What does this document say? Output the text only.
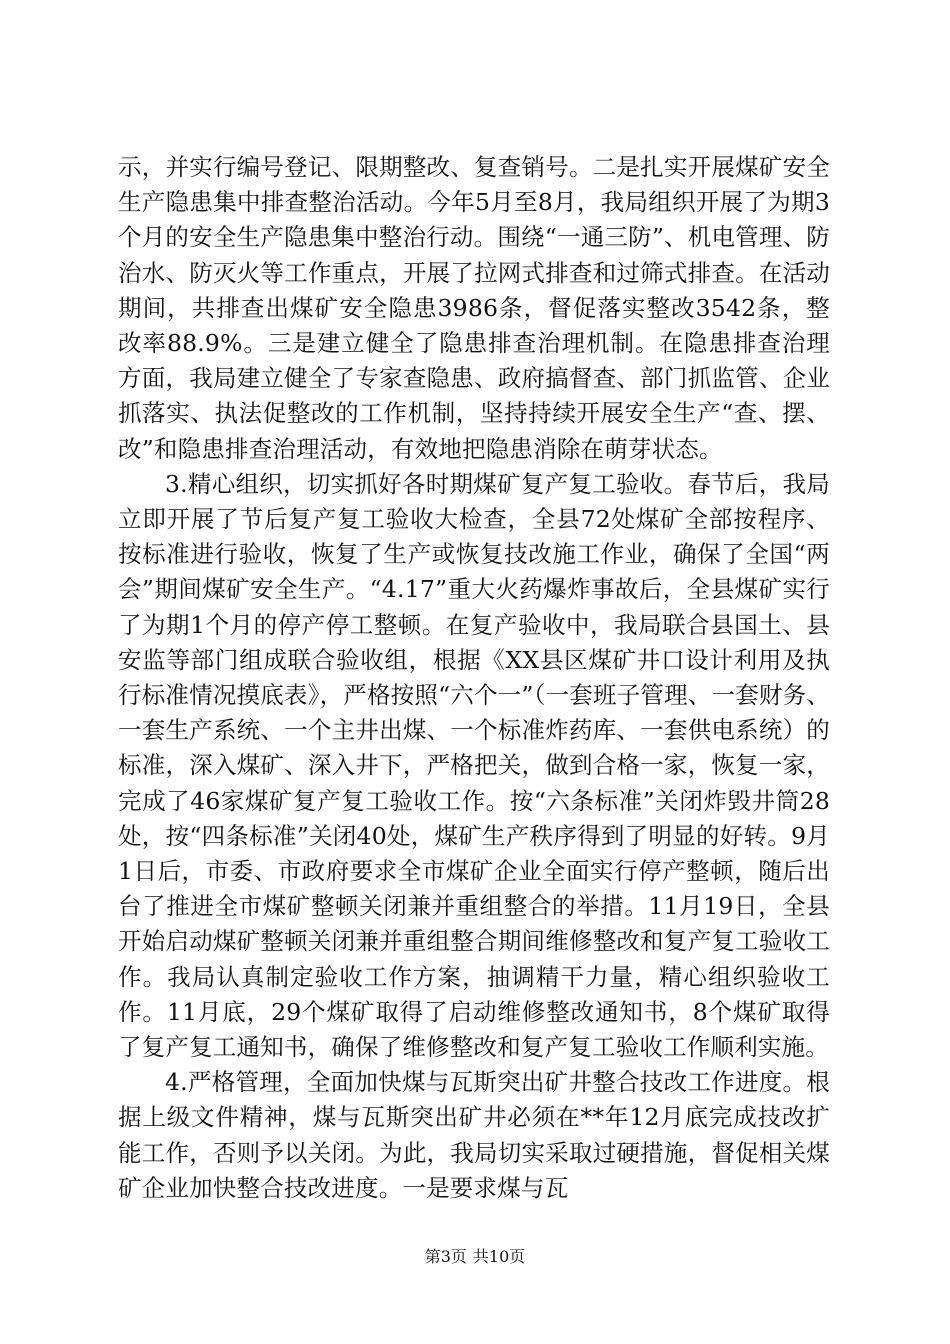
示，并实行编号登记、限期整改、复查销号。二是扎实开展煤矿安全生产隐患集中排查整治活动。今年5月至8月，我局组织开展了为期3个月的安全生产隐患集中整治行动。围绕“一通三防”、机电管理、防治水、防灭火等工作重点，开展了拉网式排查和过筛式排查。在活动期间，共排查出煤矿安全隐患3986条，督促落实整改3542条，整改率88.9%。三是建立健全了隐患排查治理机制。在隐患排查治理方面，我局建立健全了专家查隐患、政府搞督查、部门抓监管、企业抓落实、执法促整改的工作机制，坚持持续开展安全生产“查、摆、改”和隐患排查治理活动，有效地把隐患消除在萌芽状态。

3.精心组织，切实抓好各时期煤矿复产复工验收。春节后，我局立即开展了节后复产复工验收大检查，全县72处煤矿全部按程序、按标准进行验收，恢复了生产或恢复技改施工作业，确保了全国“两会”期间煤矿安全生产。“4.17”重大火药爆炸事故后，全县煤矿实行了为期1个月的停产停工整顿。在复产验收中，我局联合县国土、县安监等部门组成联合验收组，根据《XX县区煤矿井口设计利用及执行标准情况摸底表》，严格按照“六个一”（一套班子管理、一套财务、一套生产系统、一个主井出煤、一个标准炸药库、一套供电系统）的标准，深入煤矿、深入井下，严格把关，做到合格一家，恢复一家，完成了46家煤矿复产复工验收工作。按“六条标准”关闭炸毁井筒28处，按“四条标准”关闭40处，煤矿生产秩序得到了明显的好转。9月1日后，市委、市政府要求全市煤矿企业全面实行停产整顿，随后出台了推进全市煤矿整顿关闭兼并重组整合的举措。11月19日，全县开始启动煤矿整顿关闭兼并重组整合期间维修整改和复产复工验收工作。我局认真制定验收工作方案，抽调精干力量，精心组织验收工作。11月底，29个煤矿取得了启动维修整改通知书，8个煤矿取得了复产复工通知书，确保了维修整改和复产复工验收工作顺利实施。

4.严格管理，全面加快煤与瓦斯突出矿井整合技改工作进度。根据上级文件精神，煤与瓦斯突出矿井必须在**年12月底完成技改扩能工作，否则予以关闭。为此，我局切实采取过硬措施，督促相关煤矿企业加快整合技改进度。一是要求煤与瓦

第3页 共10页
